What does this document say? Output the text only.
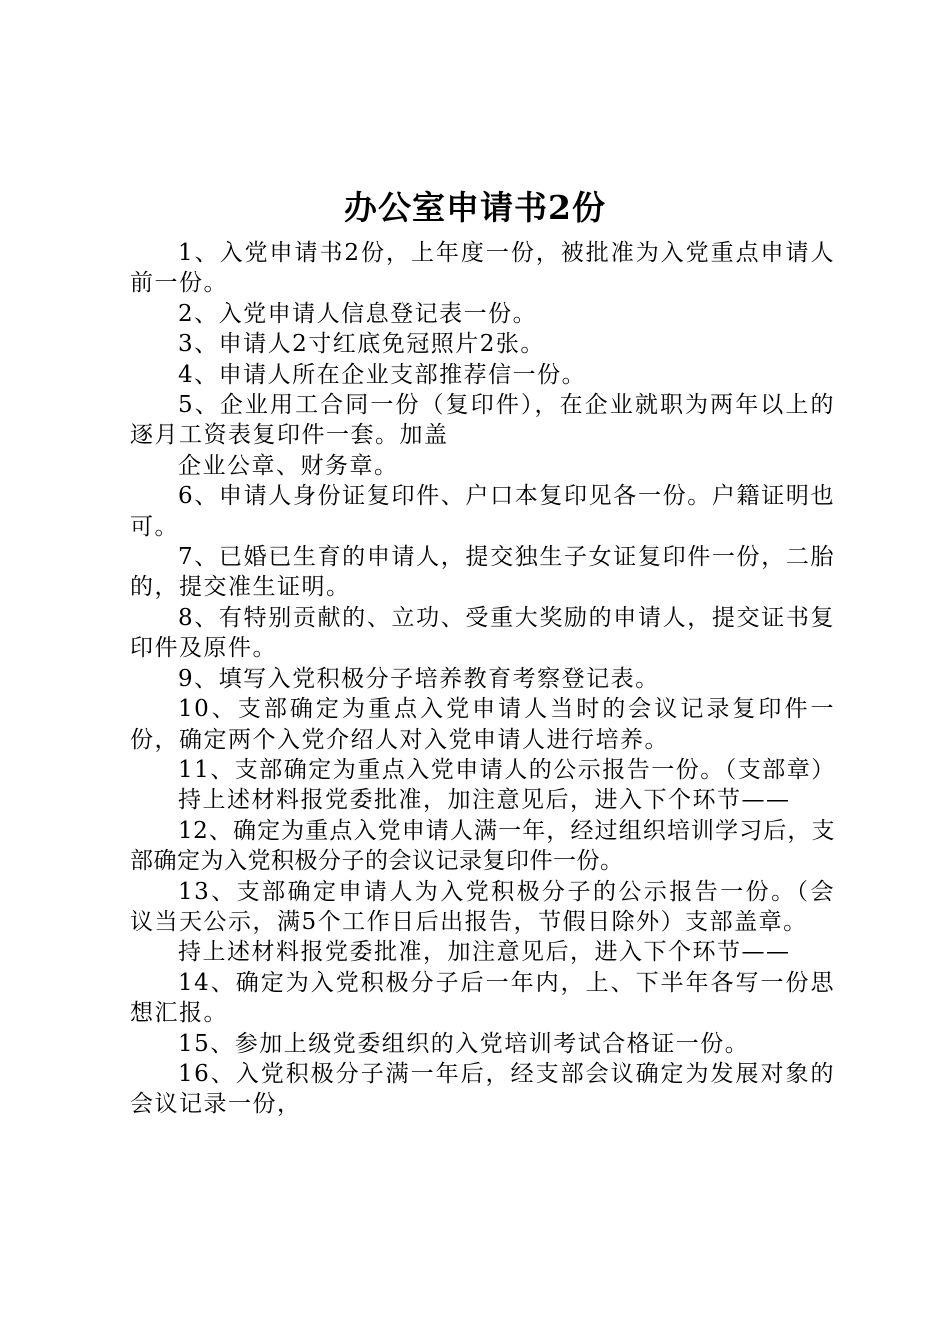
办公室申请书2份

1、入党申请书2份，上年度一份，被批准为入党重点申请人前一份。

2、入党申请人信息登记表一份。

3、申请人2寸红底免冠照片2张。

4、申请人所在企业支部推荐信一份。

5、企业用工合同一份（复印件），在企业就职为两年以上的逐月工资表复印件一套。加盖

企业公章、财务章。

6、申请人身份证复印件、户口本复印见各一份。户籍证明也可。

7、已婚已生育的申请人，提交独生子女证复印件一份，二胎的，提交准生证明。

8、有特别贡献的、立功、受重大奖励的申请人，提交证书复印件及原件。

9、填写入党积极分子培养教育考察登记表。

10、支部确定为重点入党申请人当时的会议记录复印件一份，确定两个入党介绍人对入党申请人进行培养。

11、支部确定为重点入党申请人的公示报告一份。（支部章）

持上述材料报党委批准，加注意见后，进入下个环节——

12、确定为重点入党申请人满一年，经过组织培训学习后，支部确定为入党积极分子的会议记录复印件一份。

13、支部确定申请人为入党积极分子的公示报告一份。（会议当天公示，满5个工作日后出报告，节假日除外）支部盖章。

持上述材料报党委批准，加注意见后，进入下个环节——

14、确定为入党积极分子后一年内，上、下半年各写一份思想汇报。

15、参加上级党委组织的入党培训考试合格证一份。

16、入党积极分子满一年后，经支部会议确定为发展对象的会议记录一份，
